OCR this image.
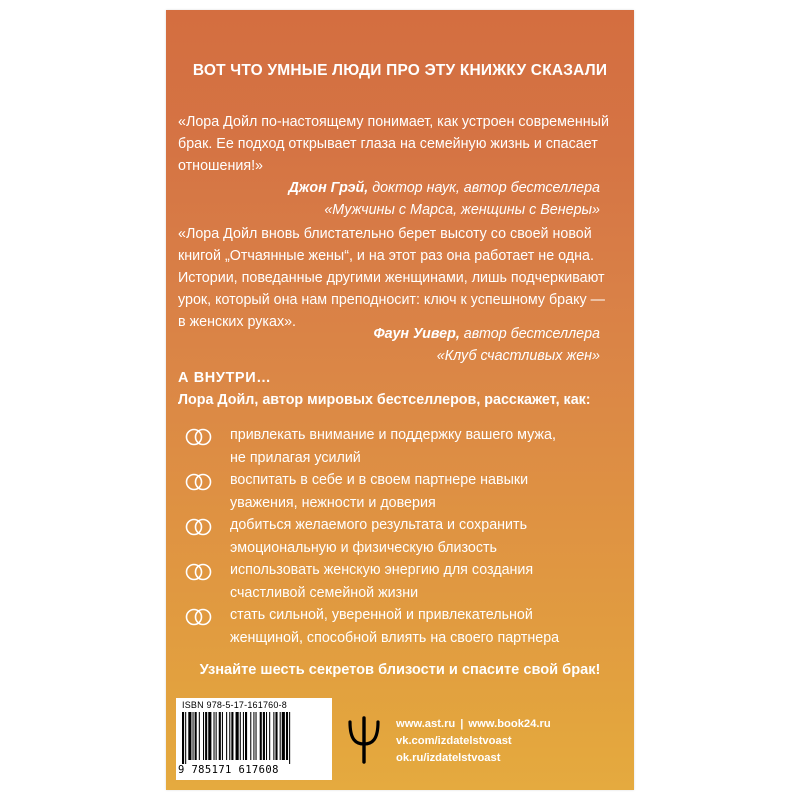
ВОТ ЧТО УМНЫЕ ЛЮДИ ПРО ЭТУ КНИЖКУ СКАЗАЛИ
«Лора Дойл по-настоящему понимает, как устроен современный
брак. Ее подход открывает глаза на семейную жизнь и спасает
отношения!»
Джон Грэй, доктор наук, автор бестселлера
«Мужчины с Марса, женщины с Венеры»
«Лора Дойл вновь блистательно берет высоту со своей новой
книгой „Отчаянные жены“, и на этот раз она работает не одна.
Истории, поведанные другими женщинами, лишь подчеркивают
урок, который она нам преподносит: ключ к успешному браку —
в женских руках».
Фаун Уивер, автор бестселлера
«Клуб счастливых жен»
А ВНУТРИ…
Лора Дойл, автор мировых бестселлеров, расскажет, как:
привлекать внимание и поддержку вашего мужа,
не прилагая усилий
воспитать в себе и в своем партнере навыки
уважения, нежности и доверия
добиться желаемого результата и сохранить
эмоциональную и физическую близость
использовать женскую энергию для создания
счастливой семейной жизни
стать сильной, уверенной и привлекательной
женщиной, способной влиять на своего партнера
Узнайте шесть секретов близости и спасите свой брак!
ISBN 978-5-17-161760-8
9 785171 617608
www.ast.ru | www.book24.ru
vk.com/izdatelstvoast
ok.ru/izdatelstvoast
